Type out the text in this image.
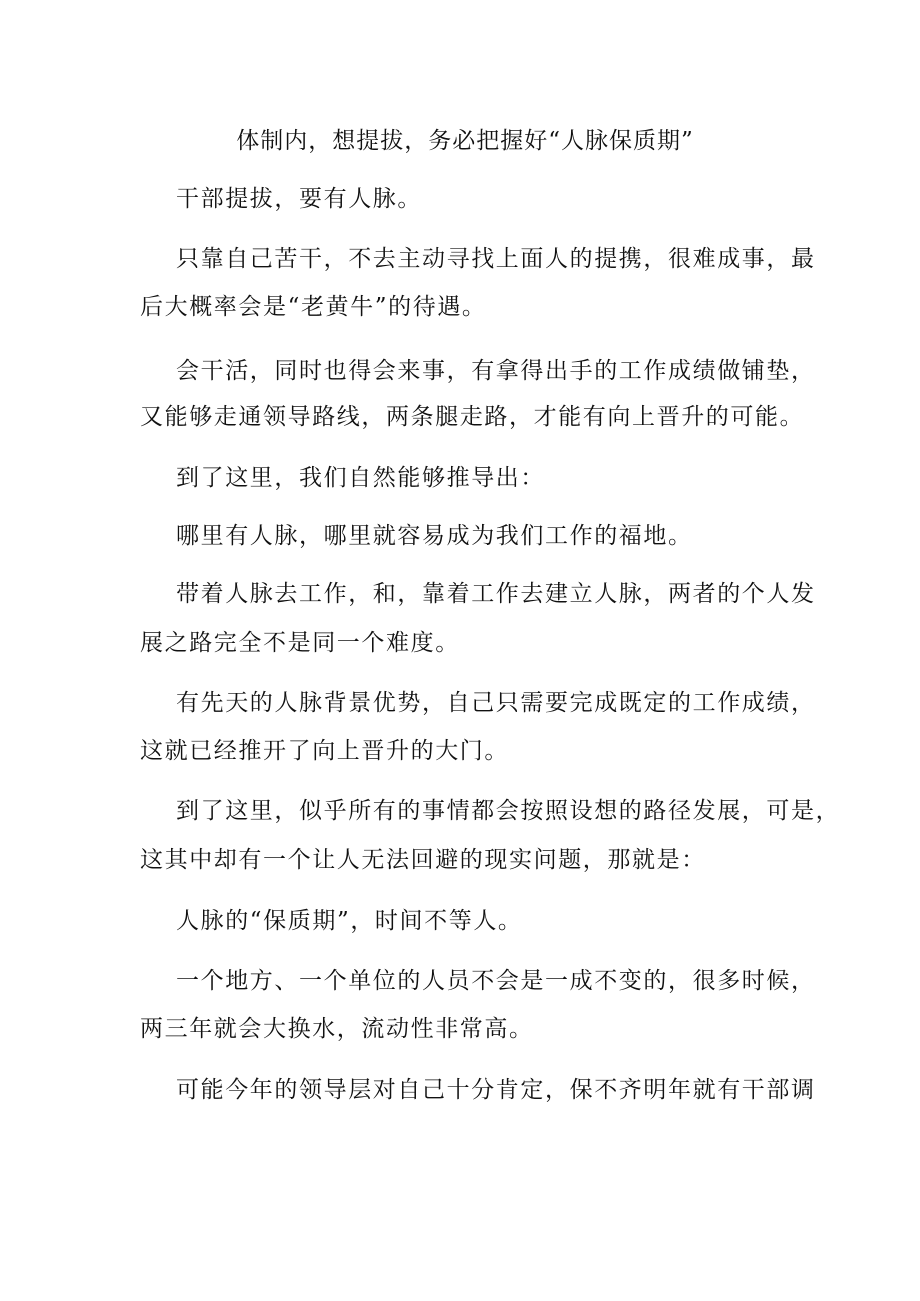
体制内，想提拔，务必把握好“人脉保质期”
干部提拔，要有人脉。
只靠自己苦干，不去主动寻找上面人的提携，很难成事，最
后大概率会是“老黄牛”的待遇。
会干活，同时也得会来事，有拿得出手的工作成绩做铺垫，
又能够走通领导路线，两条腿走路，才能有向上晋升的可能。
到了这里，我们自然能够推导出：
哪里有人脉，哪里就容易成为我们工作的福地。
带着人脉去工作，和，靠着工作去建立人脉，两者的个人发
展之路完全不是同一个难度。
有先天的人脉背景优势，自己只需要完成既定的工作成绩，
这就已经推开了向上晋升的大门。
到了这里，似乎所有的事情都会按照设想的路径发展，可是，
这其中却有一个让人无法回避的现实问题，那就是：
人脉的“保质期”，时间不等人。
一个地方、一个单位的人员不会是一成不变的，很多时候，
两三年就会大换水，流动性非常高。
可能今年的领导层对自己十分肯定，保不齐明年就有干部调
